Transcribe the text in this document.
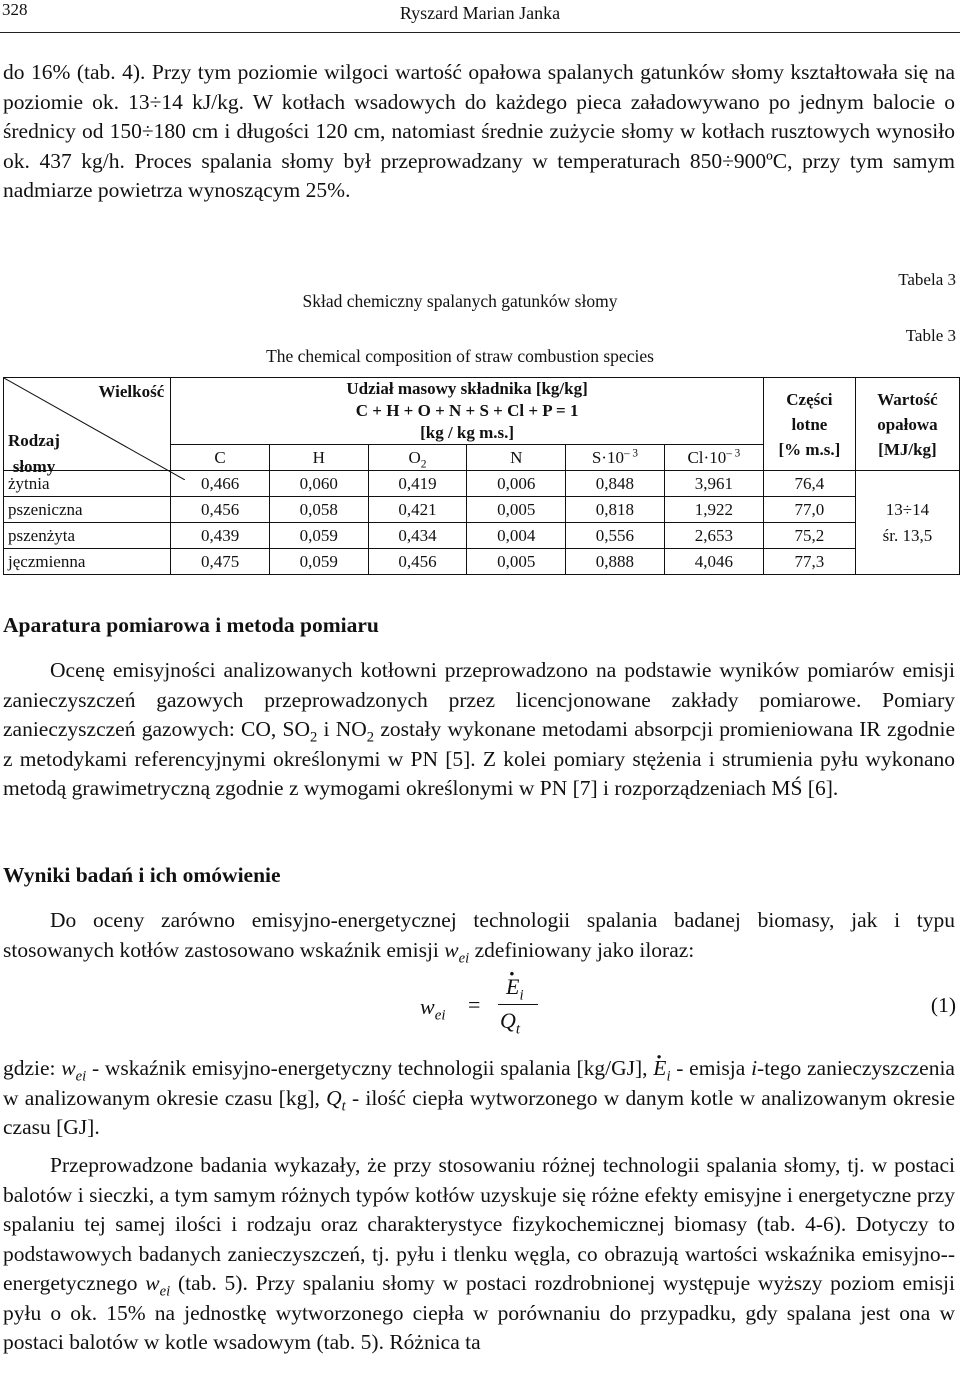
328	Ryszard Marian Janka

do 16% (tab. 4). Przy tym poziomie wilgoci wartość opałowa spalanych gatunków słomy kształtowała się na poziomie ok. 13÷14 kJ/kg. W kotłach wsadowych do każdego pieca załadowywano po jednym balocie o średnicy od 150÷180 cm i długości 120 cm, natomiast średnie zużycie słomy w kotłach rusztowych wynosiło ok. 437 kg/h. Proces spalania słomy był przeprowadzany w temperaturach 850÷900ºC, przy tym samym nadmiarze powietrza wynoszącym 25%.

Tabela 3
Table 3
Skład chemiczny spalanych gatunków słomy
The chemical composition of straw combustion species
Wielkość
Rodzaj
słomy	Udział masowy składnika [kg/kg]
C + H + O + N + S + Cl + P = 1
[kg / kg m.s.]						Części
lotne
[% m.s.]	Wartość
opałowa
[MJ/kg]

	C	H	$O_2$	N	$S\cdot 10^{- 3}$	$Cl\cdot 10^{- 3}$
żytnia	0,466	0,060	0,419	0,006	0,848	3,961	76,4	13÷14
śr. 13,5
pszeniczna	0,456	0,058	0,421	0,005	0,818	1,922	77,0	
pszenżyta	0,439	0,059	0,434	0,004	0,556	2,653	75,2	
jęczmienna	0,475	0,059	0,456	0,005	0,888	4,046	77,3	
Aparatura pomiarowa i metoda pomiaru

Ocenę emisyjności analizowanych kotłowni przeprowadzono na podstawie wyników pomiarów emisji zanieczyszczeń gazowych przeprowadzonych przez licencjonowane zakłady pomiarowe. Pomiary zanieczyszczeń gazowych: CO, $SO_2$ i $NO_2$ zostały wykonane metodami absorpcji promieniowana IR zgodnie z metodykami referencyjnymi określonymi w PN [5]. Z kolei pomiary stężenia i strumienia pyłu wykonano metodą grawimetryczną zgodnie z wymogami określonymi w PN [7] i rozporządzeniach MŚ [6].

Wyniki badań i ich omówienie

Do oceny zarówno emisyjno-energetycznej technologii spalania badanej biomasy, jak i typu stosowanych kotłów zastosowano wskaźnik emisji $w_{ei}$ zdefiniowany jako iloraz:

$w_{ei}$ =
· $E_i$
$Q_t$
(1)

gdzie: $w_{ei}$ - wskaźnik emisyjno-energetyczny technologii spalania [kg/GJ], · $E_i$ - emisja i-tego zanieczyszczenia w analizowanym okresie czasu [kg], $Q_t$ - ilość ciepła wytworzonego w danym kotle w analizowanym okresie czasu [GJ].

Przeprowadzone badania wykazały, że przy stosowaniu różnej technologii spalania słomy, tj. w postaci balotów i sieczki, a tym samym różnych typów kotłów uzyskuje się różne efekty emisyjne i energetyczne przy spalaniu tej samej ilości i rodzaju oraz charakterystyce fizykochemicznej biomasy (tab. 4-6). Dotyczy to podstawowych badanych zanieczyszczeń, tj. pyłu i tlenku węgla, co obrazują wartości wskaźnika emisyjno--energetycznego $w_{ei}$ (tab. 5). Przy spalaniu słomy w postaci rozdrobnionej występuje wyższy poziom emisji pyłu o ok. 15% na jednostkę wytworzonego ciepła w porównaniu do przypadku, gdy spalana jest ona w postaci balotów w kotle wsadowym (tab. 5). Różnica ta
